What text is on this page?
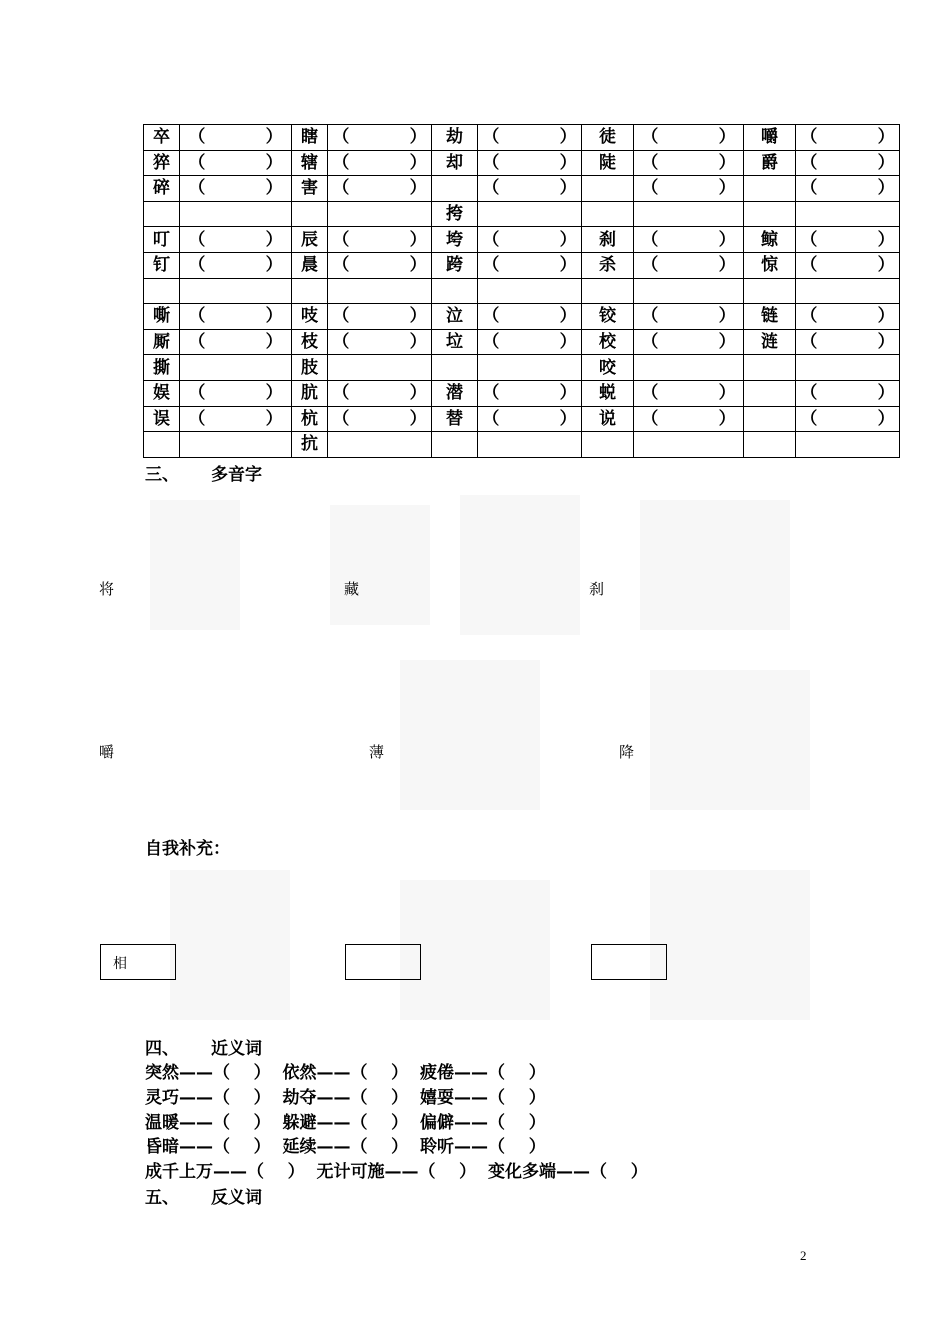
卒	（ ）	瞎	（ ）	劫	（ ）	徒	（ ）	嚼	（ ）
猝	（ ）	辖	（ ）	却	（ ）	陡	（ ）	爵	（ ）
碎	（ ）	害	（ ）		（ ）		（ ）		（ ）
				挎					
叮	（ ）	辰	（ ）	垮	（ ）	刹	（ ）	鲸	（ ）
钉	（ ）	晨	（ ）	跨	（ ）	杀	（ ）	惊	（ ）

嘶	（ ）	吱	（ ）	泣	（ ）	铰	（ ）	链	（ ）
厮	（ ）	枝	（ ）	垃	（ ）	校	（ ）	涟	（ ）
撕		肢				咬			
娱	（ ）	肮	（ ）	潜	（ ）	蜕	（ ）		（ ）
误	（ ）	杭	（ ）	替	（ ）	说	（ ）		（ ）
		抗							
三、 多音字
将	藏	刹
嚼	薄	降
自我补充：
相
四、 近义词
突然——（    ）  依然——（    ）  疲倦——（    ）
灵巧——（    ）  劫夺——（    ）  嬉耍——（    ）
温暖——（    ）  躲避——（    ）  偏僻——（    ）
昏暗——（    ）  延续——（    ）  聆听——（    ）
成千上万——（    ）  无计可施——（    ）  变化多端——（    ）
五、 反义词
2
